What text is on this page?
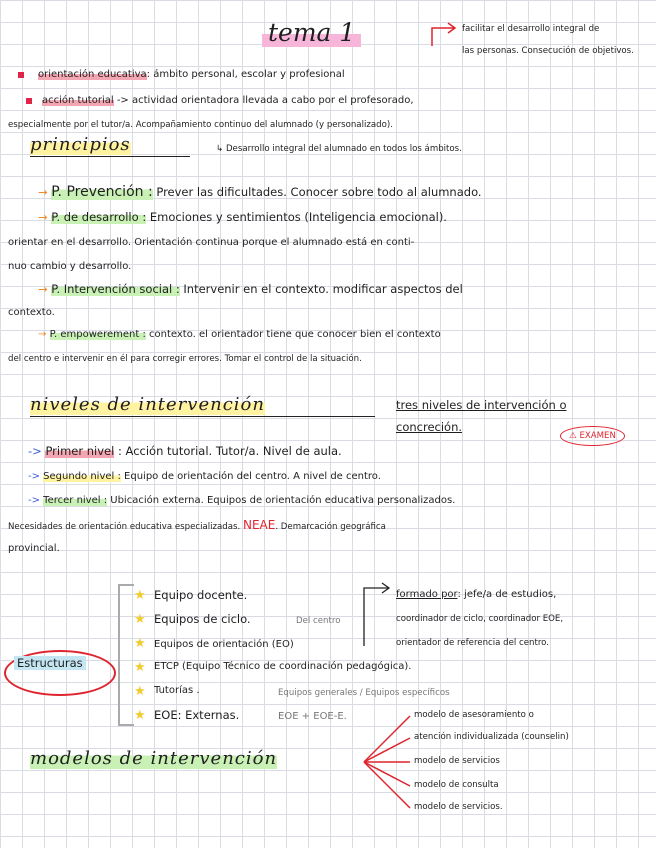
tema 1	facilitar el desarrollo integral de
las personas. Consecución de objetivos.
orientación educativa: ámbito personal, escolar y profesional
acción tutorial -> actividad orientadora llevada a cabo por el profesorado,
especialmente por el tutor/a. Acompañamiento continuo del alumnado (y personalizado).
principios	↳ Desarrollo integral del alumnado en todos los ámbitos.
→ P. Prevención : Prever las dificultades. Conocer sobre todo al alumnado.
→ P. de desarrollo : Emociones y sentimientos (Inteligencia emocional).
orientar en el desarrollo. Orientación continua porque el alumnado está en conti-
nuo cambio y desarrollo.
→ P. Intervención social : Intervenir en el contexto. modificar aspectos del
contexto.
→ P. empowerement : contexto. el orientador tiene que conocer bien el contexto
del centro e intervenir en él para corregir errores. Tomar el control de la situación.
niveles de intervención	tres niveles de intervención o
concreción.
⚠ EXAMEN
-> Primer nivel : Acción tutorial. Tutor/a. Nivel de aula.
-> Segundo nivel : Equipo de orientación del centro. A nivel de centro.
-> Tercer nivel : Ubicación externa. Equipos de orientación educativa personalizados.
Necesidades de orientación educativa especializadas. NEAE. Demarcación geográfica
provincial.
Estructuras
★ Equipo docente.
★ Equipos de ciclo.	Del centro
★ Equipos de orientación (EO)
★ ETCP (Equipo Técnico de coordinación pedagógica).
★ Tutorías .	Equipos generales / Equipos específicos
★ EOE: Externas.	EOE + EOE-E.
formado por: jefe/a de estudios,
coordinador de ciclo, coordinador EOE,
orientador de referencia del centro.
modelos de intervención
modelo de asesoramiento o
atención individualizada (counselin)
modelo de servicios
modelo de consulta
modelo de servicios.
